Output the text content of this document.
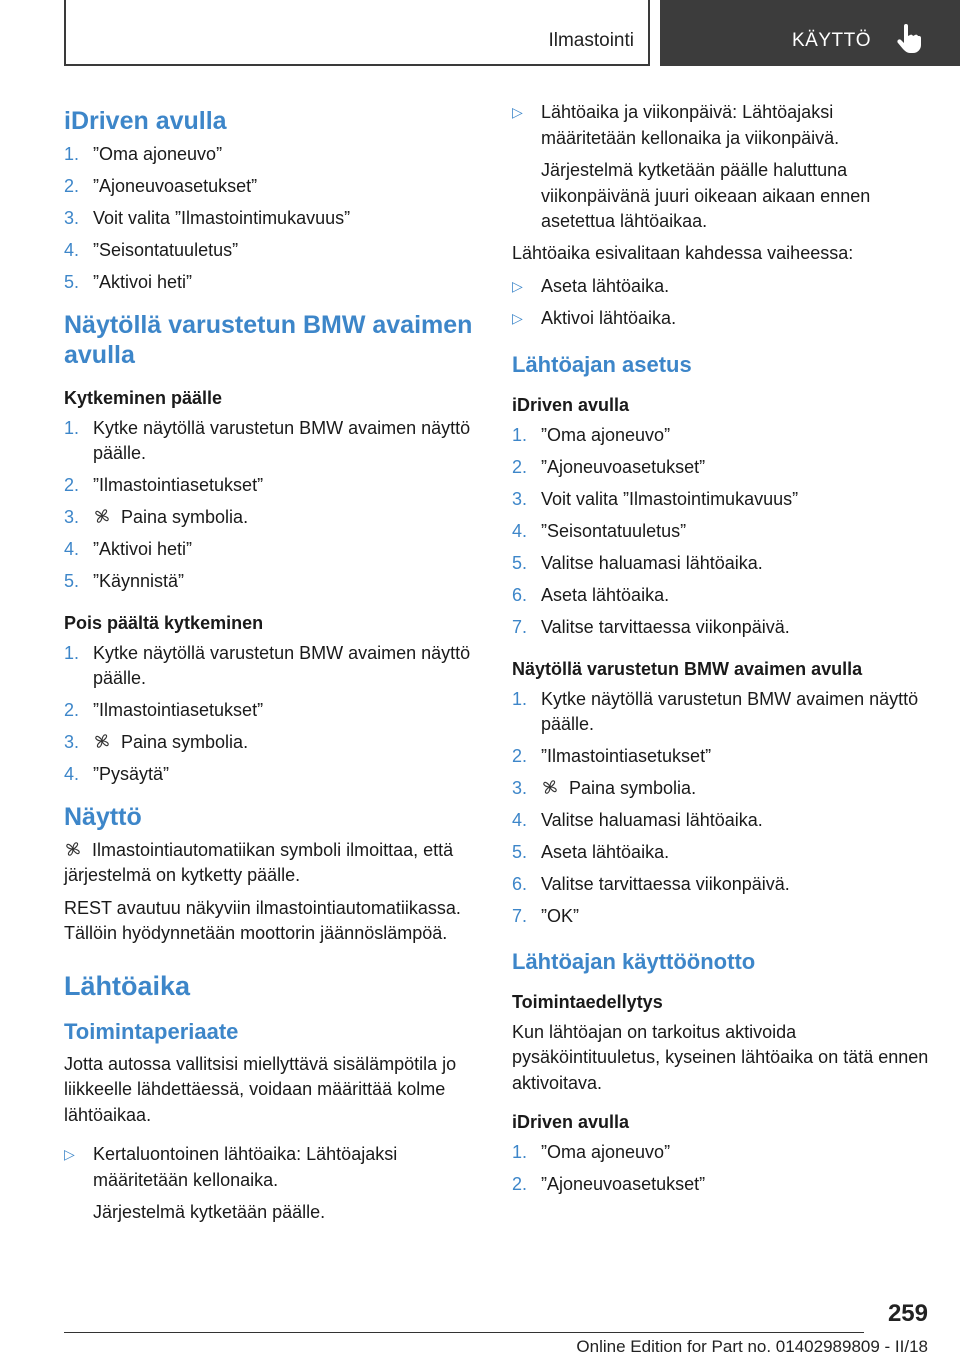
Ilmastointi	KÄYTTÖ
iDriven avulla
1. ”Oma ajoneuvo”
2. ”Ajoneuvoasetukset”
3. Voit valita ”Ilmastointimukavuus”
4. ”Seisontatuuletus”
5. ”Aktivoi heti”
Näytöllä varustetun BMW avaimen avulla
Kytkeminen päälle
1. Kytke näytöllä varustetun BMW avaimen näyttö päälle.
2. ”Ilmastointiasetukset”
3.	Paina symbolia.
4. ”Aktivoi heti”
5. ”Käynnistä”
Pois päältä kytkeminen
1. Kytke näytöllä varustetun BMW avaimen näyttö päälle.
2. ”Ilmastointiasetukset”
3.	Paina symbolia.
4. ”Pysäytä”
Näyttö

Ilmastointiautomatiikan symboli ilmoittaa, että järjestelmä on kytketty päälle.

REST avautuu näkyviin ilmastointiautomatiikassa. Tällöin hyödynnetään moottorin jäännöslämpöä.

Lähtöaika
Toimintaperiaate

Jotta autossa vallitsisi miellyttävä sisälämpötila jo liikkeelle lähdettäessä, voidaan määrittää kolme lähtöaikaa.

▷	Kertaluontoinen lähtöaika: Lähtöajaksi määritetään kellonaika.
Järjestelmä kytketään päälle.
▷	Lähtöaika ja viikonpäivä: Lähtöajaksi määritetään kellonaika ja viikonpäivä.
Järjestelmä kytketään päälle haluttuna viikonpäivänä juuri oikeaan aikaan ennen asetettua lähtöaikaa.

Lähtöaika esivalitaan kahdessa vaiheessa:

▷	Aseta lähtöaika.
▷	Aktivoi lähtöaika.
Lähtöajan asetus
iDriven avulla
1. ”Oma ajoneuvo”
2. ”Ajoneuvoasetukset”
3. Voit valita ”Ilmastointimukavuus”
4. ”Seisontatuuletus”
5. Valitse haluamasi lähtöaika.
6. Aseta lähtöaika.
7. Valitse tarvittaessa viikonpäivä.
Näytöllä varustetun BMW avaimen avulla
1. Kytke näytöllä varustetun BMW avaimen näyttö päälle.
2. ”Ilmastointiasetukset”
3.	Paina symbolia.
4. Valitse haluamasi lähtöaika.
5. Aseta lähtöaika.
6. Valitse tarvittaessa viikonpäivä.
7. ”OK”
Lähtöajan käyttöönotto
Toimintaedellytys

Kun lähtöajan on tarkoitus aktivoida pysäköintituuletus, kyseinen lähtöaika on tätä ennen aktivoitava.

iDriven avulla
1. ”Oma ajoneuvo”
2. ”Ajoneuvoasetukset”
259
Online Edition for Part no. 01402989809 - II/18
